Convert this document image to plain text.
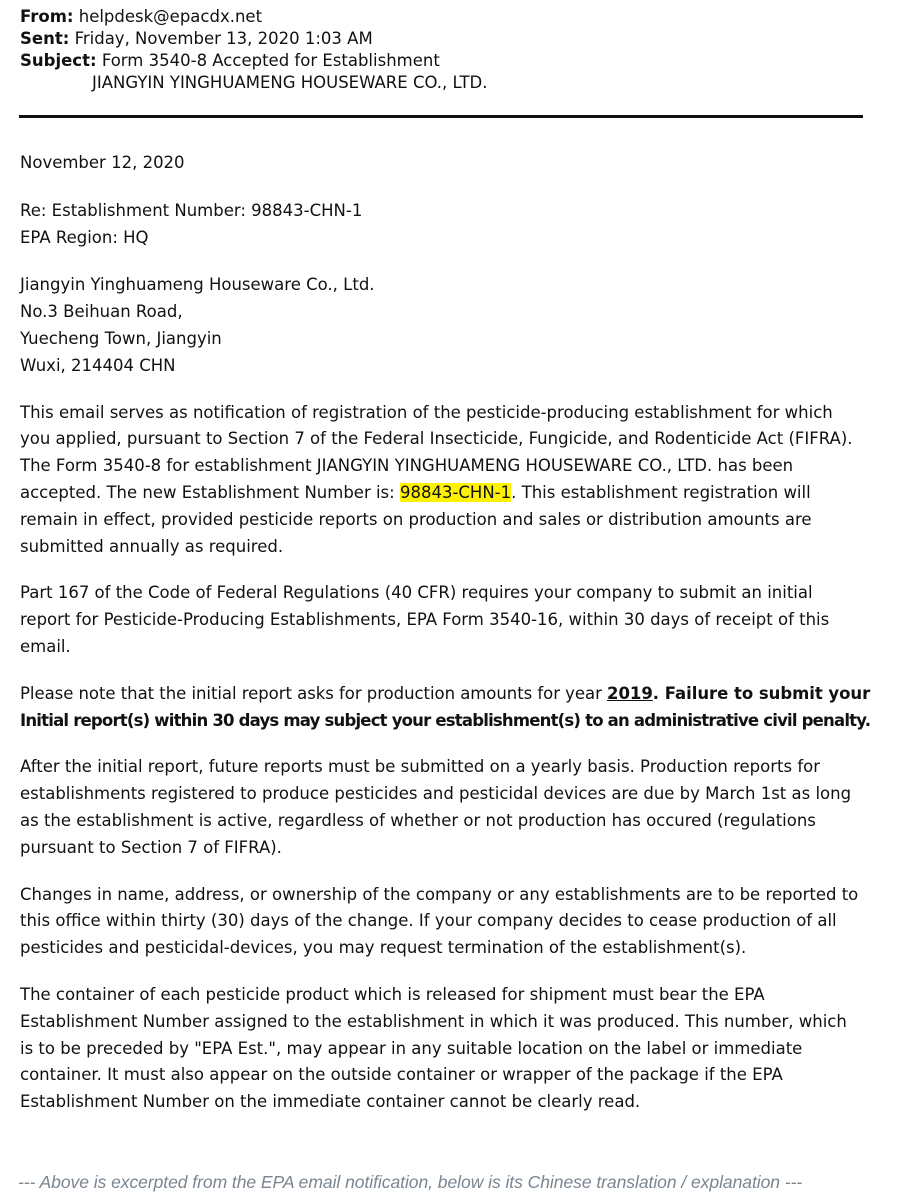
From: helpdesk@epacdx.net
Sent: Friday, November 13, 2020 1:03 AM
Subject: Form 3540-8 Accepted for Establishment
JIANGYIN YINGHUAMENG HOUSEWARE CO., LTD.

November 12, 2020

Re: Establishment Number: 98843-CHN-1

EPA Region: HQ

Jiangyin Yinghuameng Houseware Co., Ltd.

No.3 Beihuan Road,

Yuecheng Town, Jiangyin

Wuxi, 214404 CHN

This email serves as notification of registration of the pesticide-producing establishment for which

you applied, pursuant to Section 7 of the Federal Insecticide, Fungicide, and Rodenticide Act (FIFRA).

The Form 3540-8 for establishment JIANGYIN YINGHUAMENG HOUSEWARE CO., LTD. has been

accepted. The new Establishment Number is: 98843-CHN-1. This establishment registration will

remain in effect, provided pesticide reports on production and sales or distribution amounts are

submitted annually as required.

Part 167 of the Code of Federal Regulations (40 CFR) requires your company to submit an initial

report for Pesticide-Producing Establishments, EPA Form 3540-16, within 30 days of receipt of this

email.

Please note that the initial report asks for production amounts for year 2019. Failure to submit your

Initial report(s) within 30 days may subject your establishment(s) to an administrative civil penalty.

After the initial report, future reports must be submitted on a yearly basis. Production reports for

establishments registered to produce pesticides and pesticidal devices are due by March 1st as long

as the establishment is active, regardless of whether or not production has occured (regulations

pursuant to Section 7 of FIFRA).

Changes in name, address, or ownership of the company or any establishments are to be reported to

this office within thirty (30) days of the change. If your company decides to cease production of all

pesticides and pesticidal-devices, you may request termination of the establishment(s).

The container of each pesticide product which is released for shipment must bear the EPA

Establishment Number assigned to the establishment in which it was produced. This number, which

is to be preceded by "EPA Est.", may appear in any suitable location on the label or immediate

container. It must also appear on the outside container or wrapper of the package if the EPA

Establishment Number on the immediate container cannot be clearly read.

--- Above is excerpted from the EPA email notification, below is its Chinese translation / explanation ---
